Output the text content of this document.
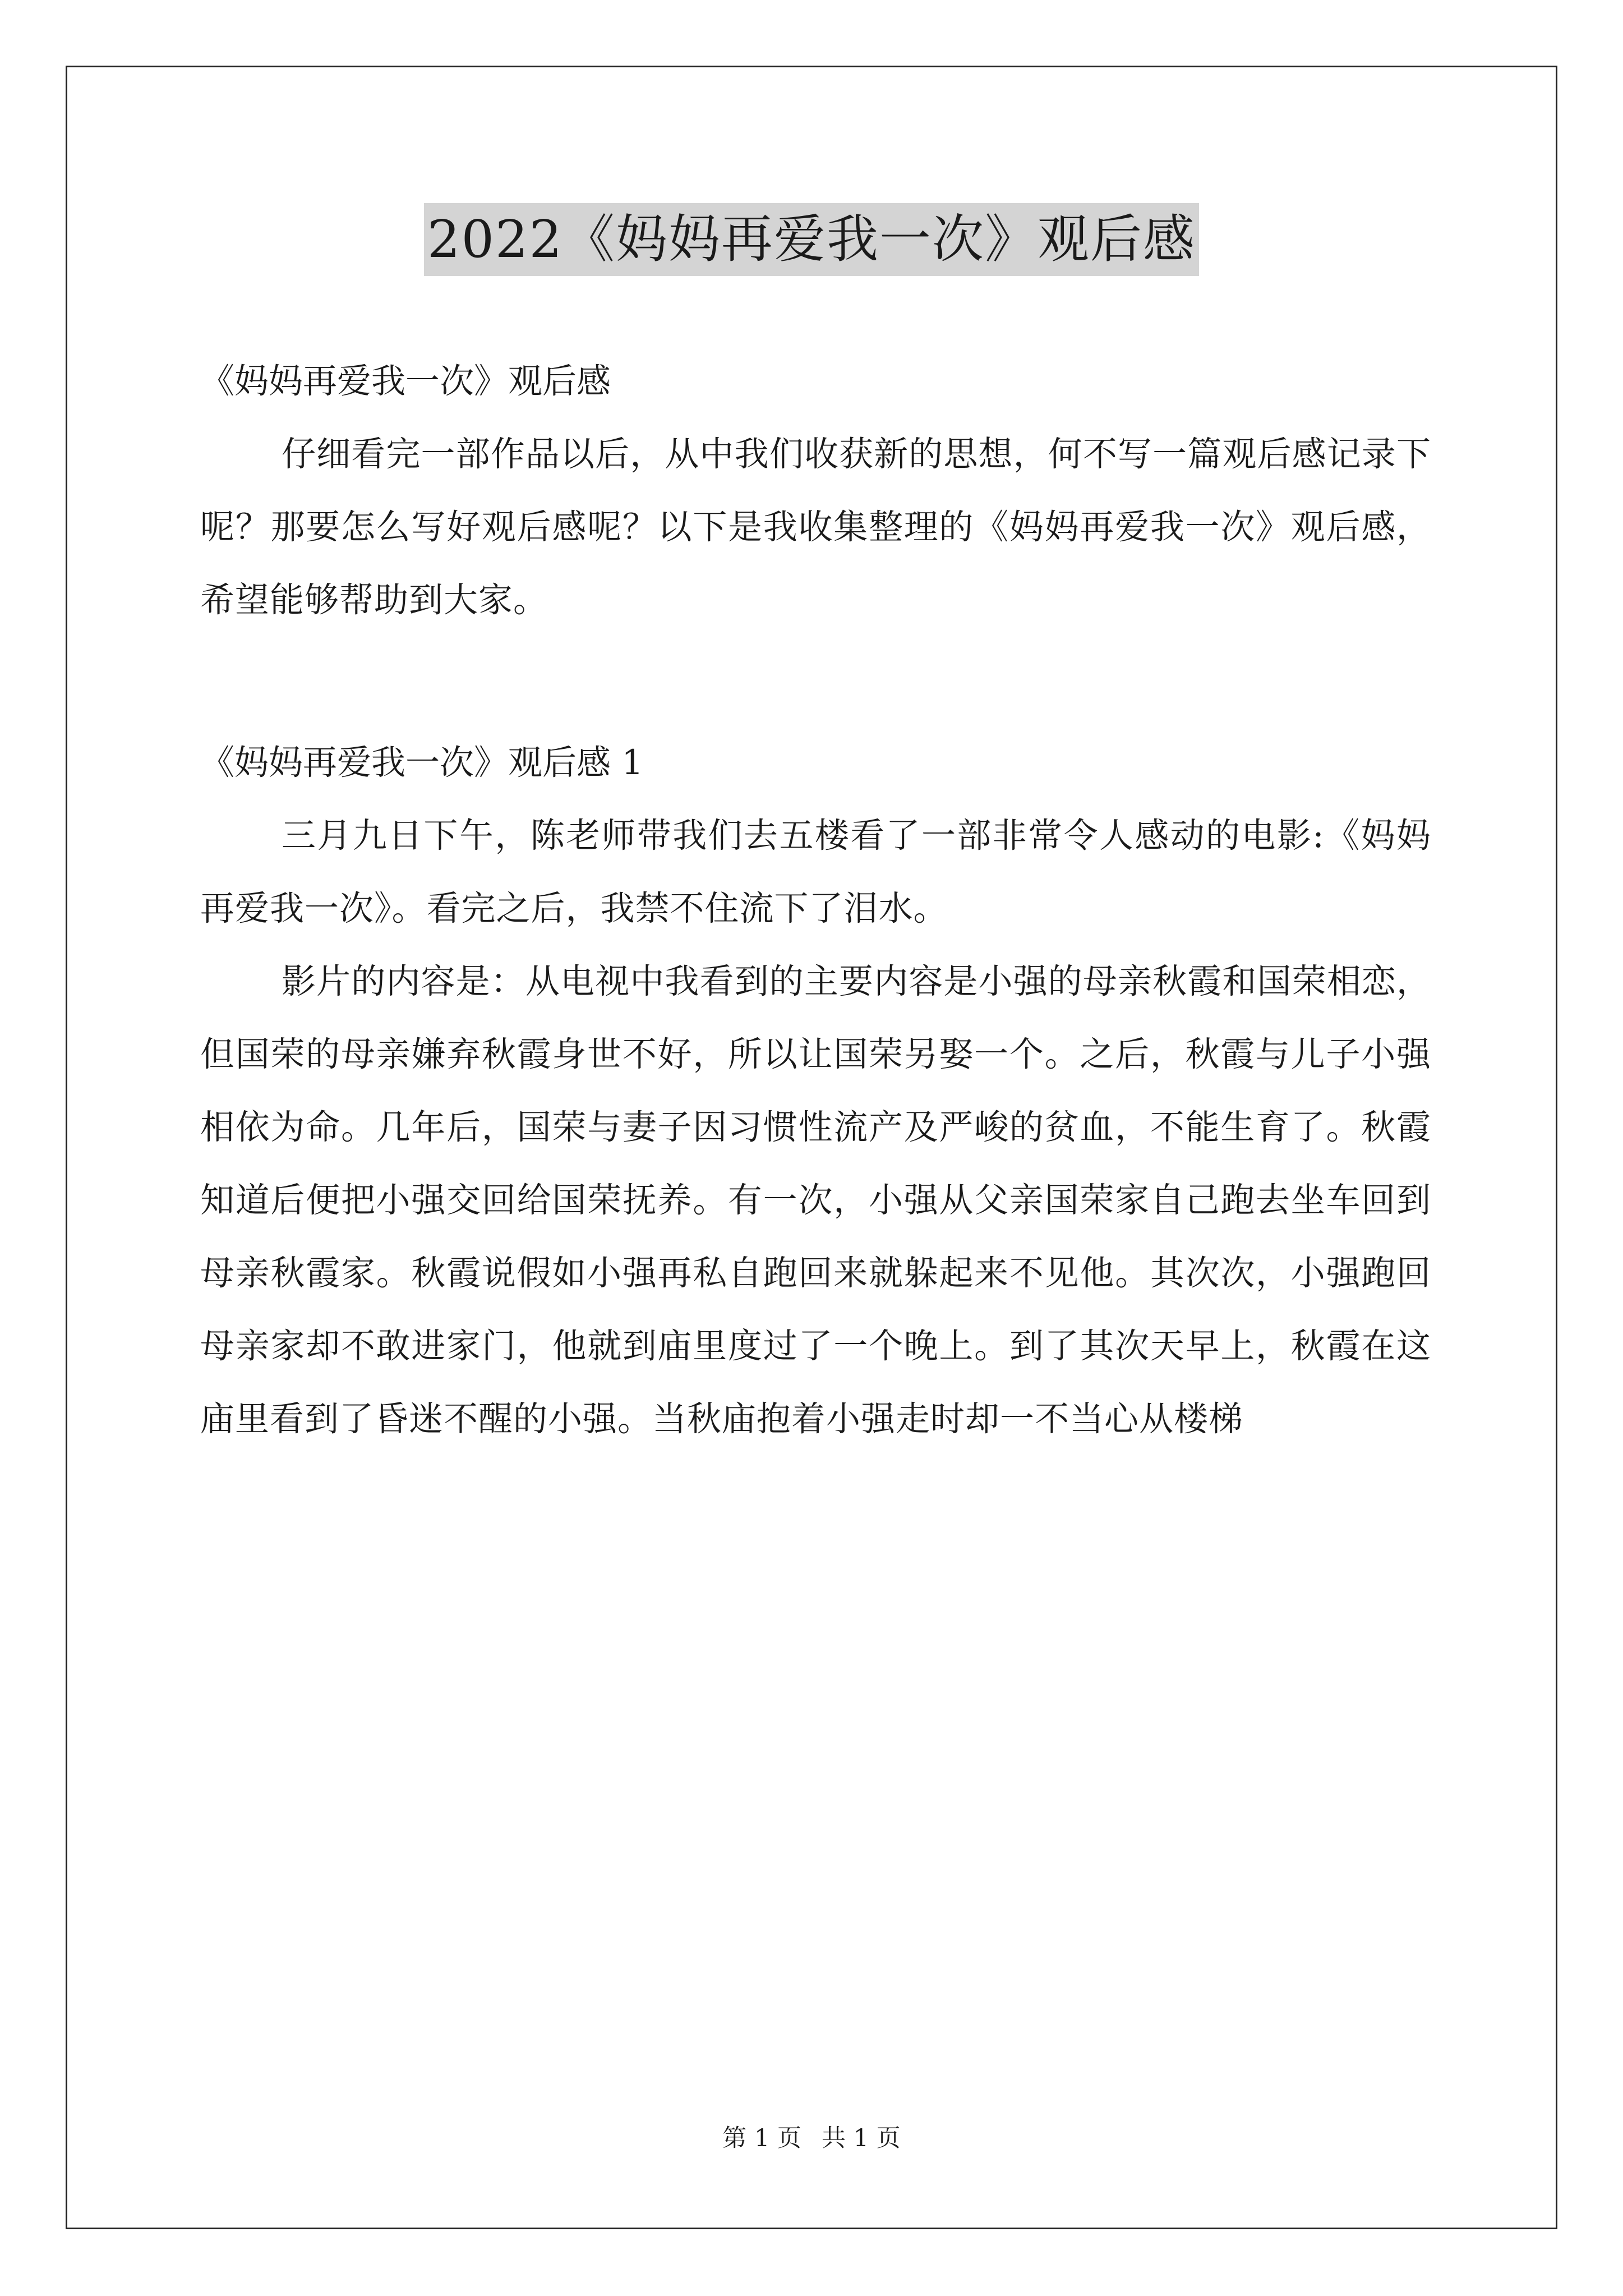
2022《妈妈再爱我一次》观后感

《妈妈再爱我一次》观后感

仔细看完一部作品以后，从中我们收获新的思想，何不写一篇观后感记录下呢？那要怎么写好观后感呢？以下是我收集整理的《妈妈再爱我一次》观后感，希望能够帮助到大家。

《妈妈再爱我一次》观后感 1

三月九日下午，陈老师带我们去五楼看了一部非常令人感动的电影:《妈妈再爱我一次》。看完之后，我禁不住流下了泪水。

影片的内容是：从电视中我看到的主要内容是小强的母亲秋霞和国荣相恋，但国荣的母亲嫌弃秋霞身世不好，所以让国荣另娶一个。之后，秋霞与儿子小强相依为命。几年后，国荣与妻子因习惯性流产及严峻的贫血，不能生育了。秋霞知道后便把小强交回给国荣抚养。有一次，小强从父亲国荣家自己跑去坐车回到母亲秋霞家。秋霞说假如小强再私自跑回来就躲起来不见他。其次次，小强跑回母亲家却不敢进家门，他就到庙里度过了一个晚上。到了其次天早上，秋霞在这庙里看到了昏迷不醒的小强。当秋庙抱着小强走时却一不当心从楼梯

第 1 页 共 1 页
